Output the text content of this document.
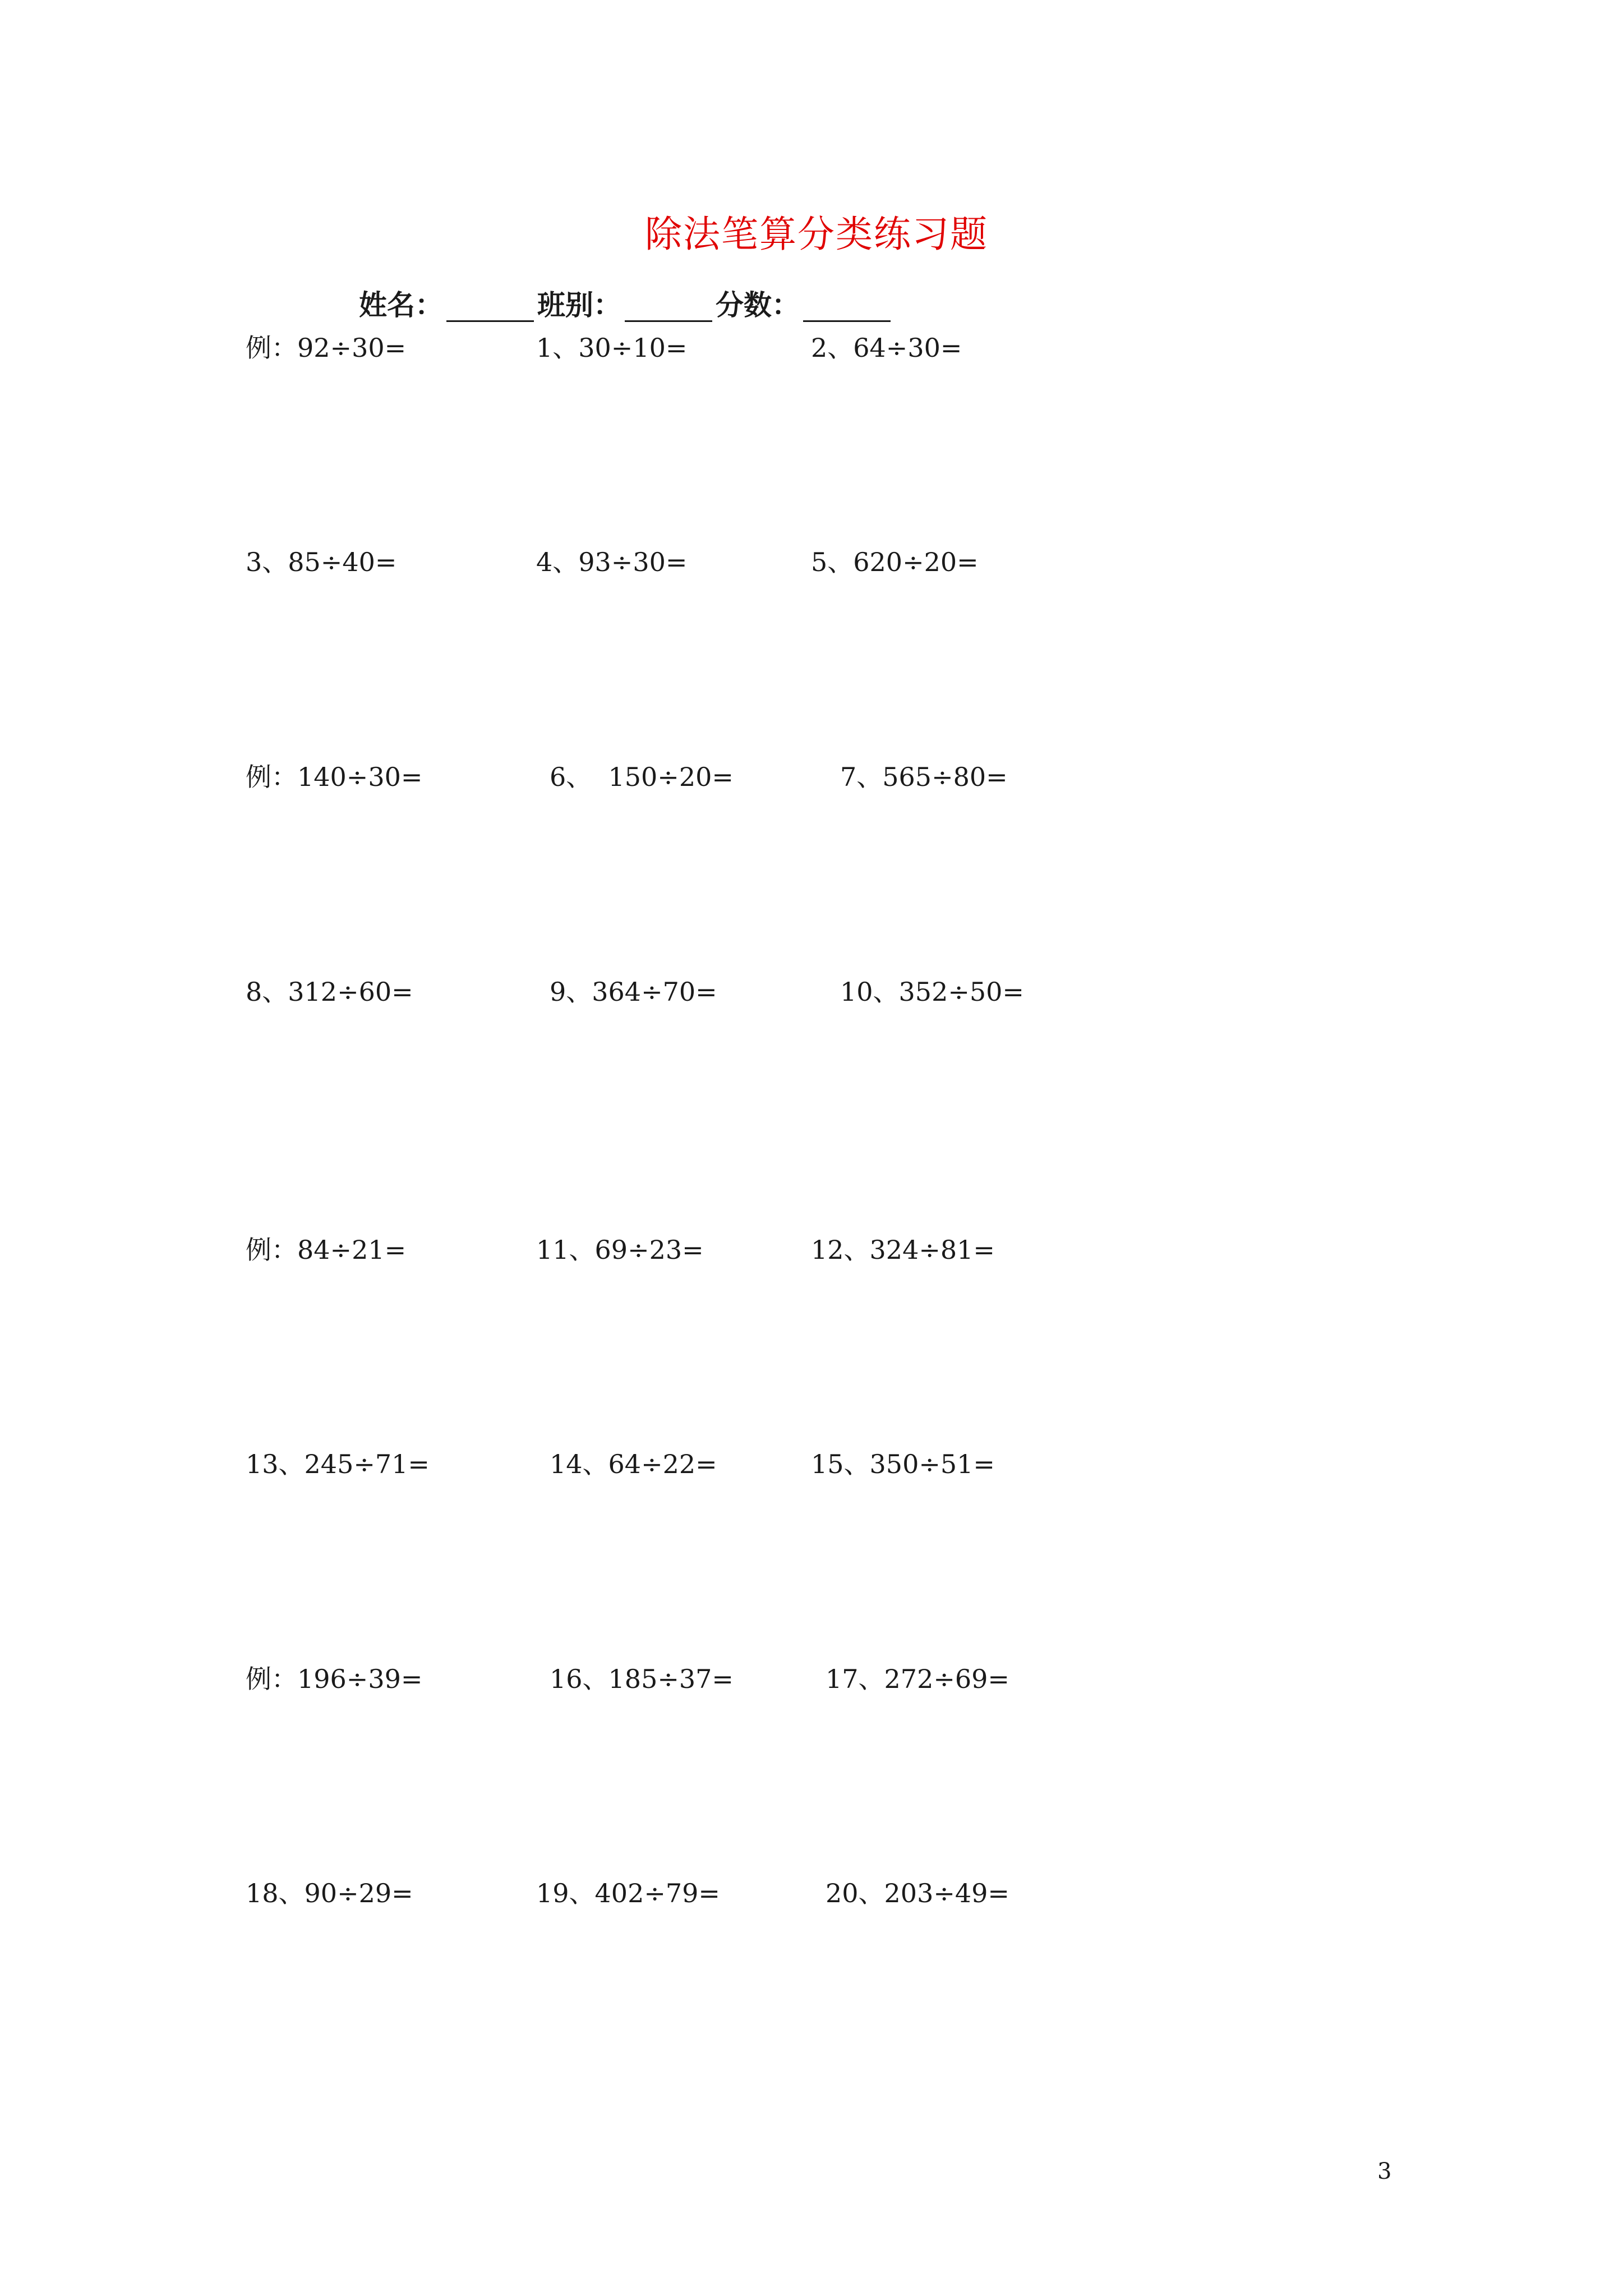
除法笔算分类练习题
姓名：	班别：	分数：
例：92÷30=	1、30÷10=	2、64÷30=
3、85÷40=	4、93÷30=	5、620÷20=
例：140÷30=	6、  150÷20=	7、565÷80=
8、312÷60=	9、364÷70=	10、352÷50=
例：84÷21=	11、69÷23=	12、324÷81=
13、245÷71=	14、64÷22=	15、350÷51=
例：196÷39=	16、185÷37=	17、272÷69=
18、90÷29=	19、402÷79=	20、203÷49=
3
